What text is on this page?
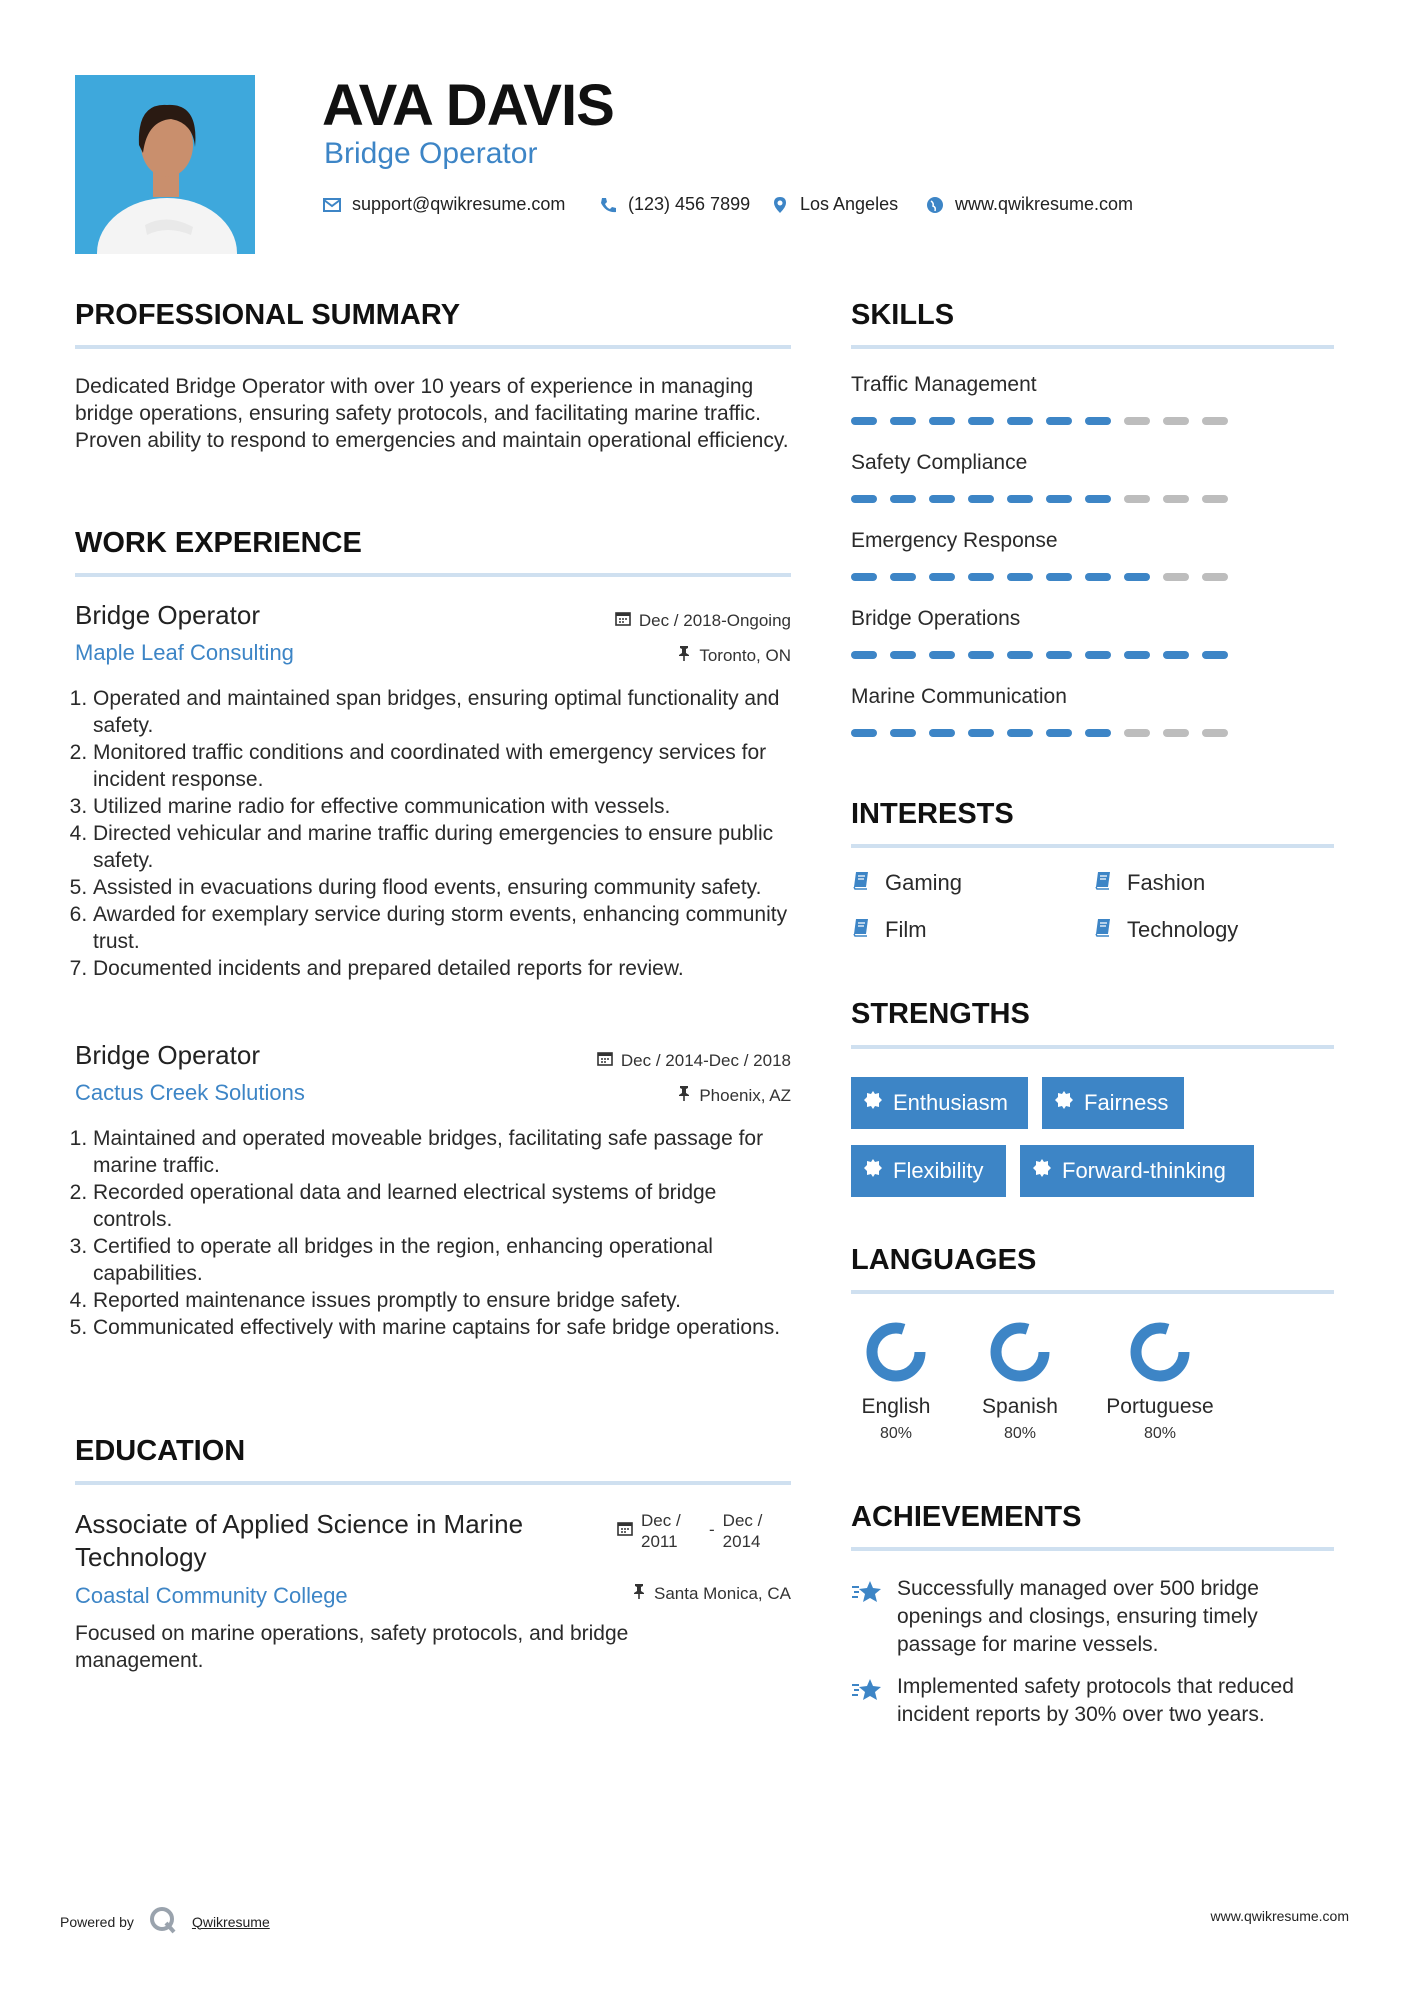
AVA DAVIS
Bridge Operator
support@qwikresume.com	(123) 456 7899	Los Angeles	www.qwikresume.com
PROFESSIONAL SUMMARY
Dedicated Bridge Operator with over 10 years of experience in managing bridge operations, ensuring safety protocols, and facilitating marine traffic. Proven ability to respond to emergencies and maintain operational efficiency.
WORK EXPERIENCE
Bridge Operator	Dec / 2018-Ongoing
Maple Leaf Consulting	Toronto, ON
1. Operated and maintained span bridges, ensuring optimal functionality and safety.
2. Monitored traffic conditions and coordinated with emergency services for incident response.
3. Utilized marine radio for effective communication with vessels.
4. Directed vehicular and marine traffic during emergencies to ensure public safety.
5. Assisted in evacuations during flood events, ensuring community safety.
6. Awarded for exemplary service during storm events, enhancing community trust.
7. Documented incidents and prepared detailed reports for review.
Bridge Operator	Dec / 2014-Dec / 2018
Cactus Creek Solutions	Phoenix, AZ
1. Maintained and operated moveable bridges, facilitating safe passage for marine traffic.
2. Recorded operational data and learned electrical systems of bridge controls.
3. Certified to operate all bridges in the region, enhancing operational capabilities.
4. Reported maintenance issues promptly to ensure bridge safety.
5. Communicated effectively with marine captains for safe bridge operations.
EDUCATION
Associate of Applied Science in Marine Technology
Dec / 2011
- Dec / 2014
Coastal Community College	Santa Monica, CA
Focused on marine operations, safety protocols, and bridge management.
SKILLS
Traffic Management
Safety Compliance
Emergency Response
Bridge Operations
Marine Communication
INTERESTS
Gaming	Fashion
Film	Technology
STRENGTHS
Enthusiasm	Fairness
Flexibility	Forward-thinking
LANGUAGES
English
80%
Spanish
80%
Portuguese
80%
ACHIEVEMENTS
Successfully managed over 500 bridge openings and closings, ensuring timely passage for marine vessels.
Implemented safety protocols that reduced incident reports by 30% over two years.
Powered by	Qwikresume	www.qwikresume.com
